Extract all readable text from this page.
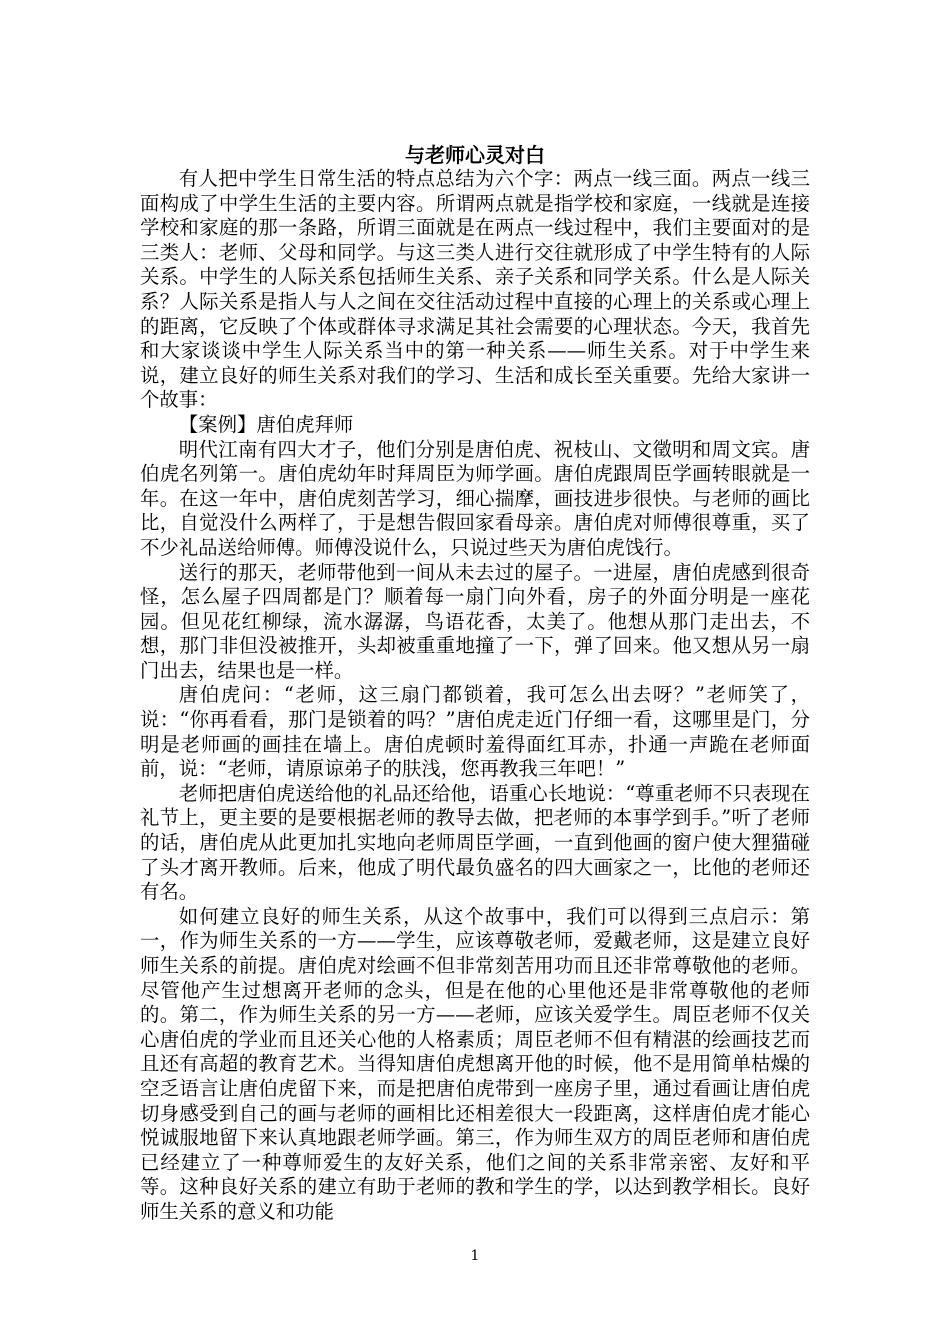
与老师心灵对白

有人把中学生日常生活的特点总结为六个字：两点一线三面。两点一线三面构成了中学生生活的主要内容。所谓两点就是指学校和家庭，一线就是连接学校和家庭的那一条路，所谓三面就是在两点一线过程中，我们主要面对的是三类人：老师、父母和同学。与这三类人进行交往就形成了中学生特有的人际关系。中学生的人际关系包括师生关系、亲子关系和同学关系。什么是人际关系？人际关系是指人与人之间在交往活动过程中直接的心理上的关系或心理上的距离，它反映了个体或群体寻求满足其社会需要的心理状态。今天，我首先和大家谈谈中学生人际关系当中的第一种关系——师生关系。对于中学生来说，建立良好的师生关系对我们的学习、生活和成长至关重要。先给大家讲一个故事：

【案例】唐伯虎拜师

明代江南有四大才子，他们分别是唐伯虎、祝枝山、文徵明和周文宾。唐伯虎名列第一。唐伯虎幼年时拜周臣为师学画。唐伯虎跟周臣学画转眼就是一年。在这一年中，唐伯虎刻苦学习，细心揣摩，画技进步很快。与老师的画比比，自觉没什么两样了，于是想告假回家看母亲。唐伯虎对师傅很尊重，买了不少礼品送给师傅。师傅没说什么，只说过些天为唐伯虎饯行。

送行的那天，老师带他到一间从未去过的屋子。一进屋，唐伯虎感到很奇怪，怎么屋子四周都是门？顺着每一扇门向外看，房子的外面分明是一座花园。但见花红柳绿，流水潺潺，鸟语花香，太美了。他想从那门走出去，不想，那门非但没被推开，头却被重重地撞了一下，弹了回来。他又想从另一扇门出去，结果也是一样。

唐伯虎问：“老师，这三扇门都锁着，我可怎么出去呀？”老师笑了，说：“你再看看，那门是锁着的吗？”唐伯虎走近门仔细一看，这哪里是门，分明是老师画的画挂在墙上。唐伯虎顿时羞得面红耳赤，扑通一声跪在老师面前，说：“老师，请原谅弟子的肤浅，您再教我三年吧！”

老师把唐伯虎送给他的礼品还给他，语重心长地说：“尊重老师不只表现在礼节上，更主要的是要根据老师的教导去做，把老师的本事学到手。”听了老师的话，唐伯虎从此更加扎实地向老师周臣学画，一直到他画的窗户使大狸猫碰了头才离开教师。后来，他成了明代最负盛名的四大画家之一，比他的老师还有名。

如何建立良好的师生关系，从这个故事中，我们可以得到三点启示：第一，作为师生关系的一方——学生，应该尊敬老师，爱戴老师，这是建立良好师生关系的前提。唐伯虎对绘画不但非常刻苦用功而且还非常尊敬他的老师。尽管他产生过想离开老师的念头，但是在他的心里他还是非常尊敬他的老师的。第二，作为师生关系的另一方——老师，应该关爱学生。周臣老师不仅关心唐伯虎的学业而且还关心他的人格素质；周臣老师不但有精湛的绘画技艺而且还有高超的教育艺术。当得知唐伯虎想离开他的时候，他不是用简单枯燥的空乏语言让唐伯虎留下来，而是把唐伯虎带到一座房子里，通过看画让唐伯虎切身感受到自己的画与老师的画相比还相差很大一段距离，这样唐伯虎才能心悦诚服地留下来认真地跟老师学画。第三，作为师生双方的周臣老师和唐伯虎已经建立了一种尊师爱生的友好关系，他们之间的关系非常亲密、友好和平等。这种良好关系的建立有助于老师的教和学生的学，以达到教学相长。良好师生关系的意义和功能

1
